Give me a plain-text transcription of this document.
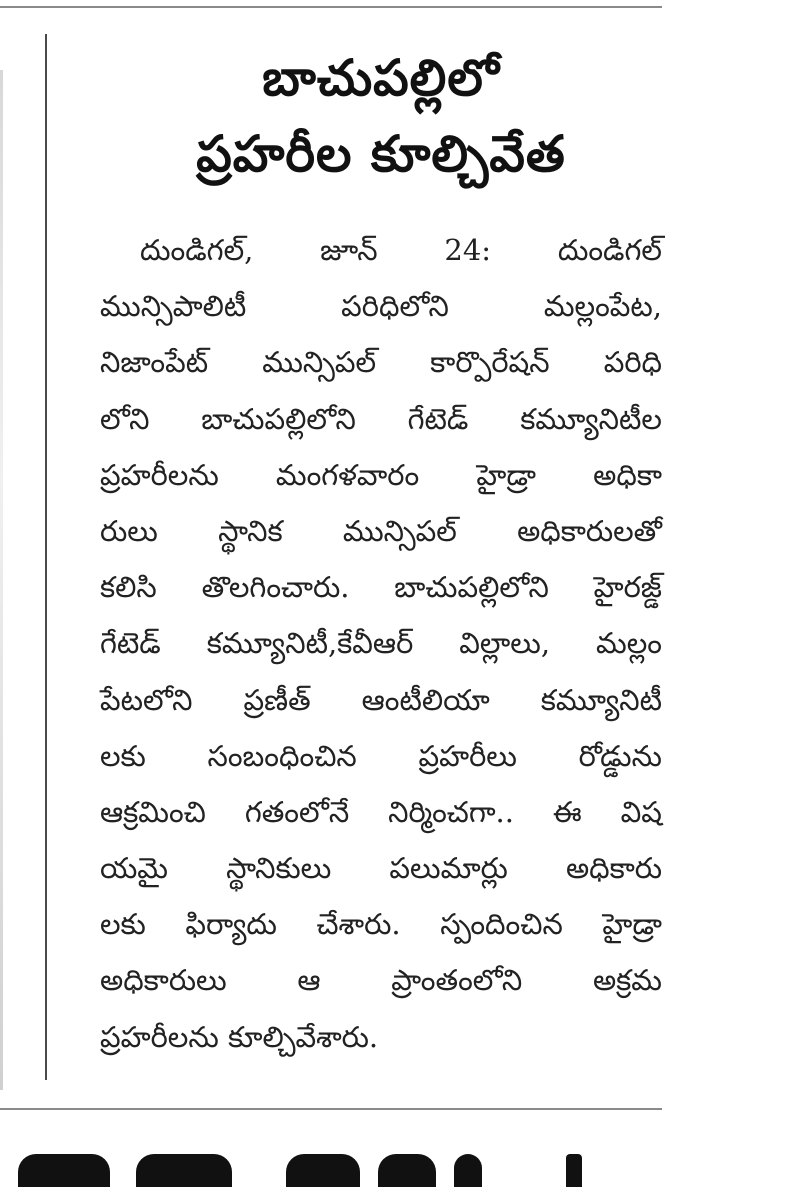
బాచుపల్లిలో
ప్రహరీల కూల్చివేత
దుండిగల్, జూన్ 24: దుండిగల్
మున్సిపాలిటీ	పరిధిలోని	మల్లంపేట,
నిజాంపేట్ మున్సిపల్ కార్పొరేషన్ పరిధి
లోని బాచుపల్లిలోని గేటెడ్ కమ్యూనిటీల
ప్రహరీలను మంగళవారం హైడ్రా అధికా
రులు స్థానిక మున్సిపల్ అధికారులతో
కలిసి తొలగించారు. బాచుపల్లిలోని హైరజ్డ్
గేటెడ్ కమ్యూనిటీ,కేవీఆర్ విల్లాలు, మల్లం
పేటలోని ప్రణీత్ ఆంటీలియా కమ్యూనిటీ
లకు సంబంధించిన ప్రహరీలు రోడ్డును
ఆక్రమించి గతంలోనే నిర్మించగా.. ఈ విష
యమై స్థానికులు పలుమార్లు అధికారు
లకు ఫిర్యాదు చేశారు. స్పందించిన హైడ్రా
అధికారులు ఆ ప్రాంతంలోని అక్రమ
ప్రహరీలను కూల్చివేశారు.
